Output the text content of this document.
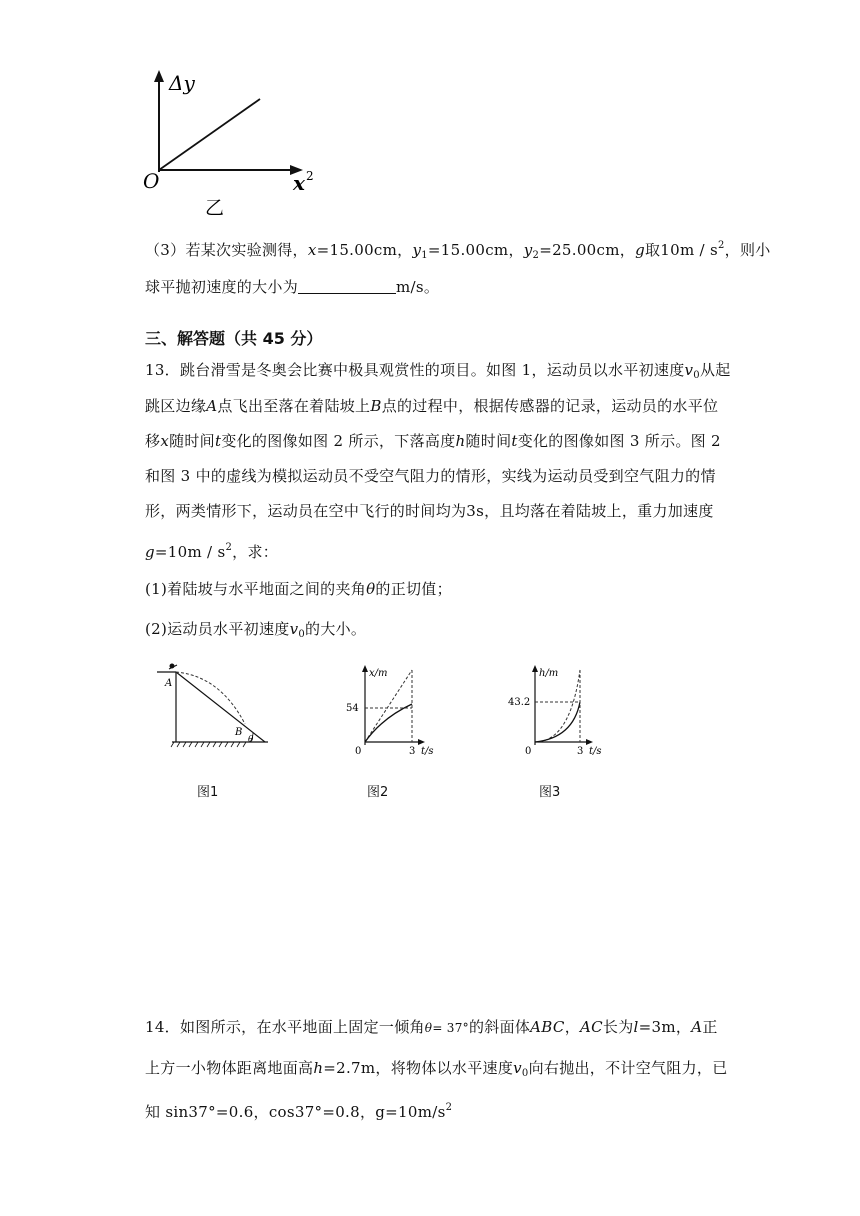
Δy
O	x 2
乙
（3）若某次实验测得，x=15.00cm，$y_1=15.00cm$，$y_2=25.00cm$，g取$10m / s^2$，则小
球平抛初速度的大小为	m/s。
三、解答题（共 45 分）
13．跳台滑雪是冬奥会比赛中极具观赏性的项目。如图 1，运动员以水平初速度$v_0$从起
跳区边缘A点飞出至落在着陆坡上B点的过程中，根据传感器的记录，运动员的水平位
移x随时间t变化的图像如图 2 所示，下落高度h随时间t变化的图像如图 3 所示。图 2
和图 3 中的虚线为模拟运动员不受空气阻力的情形，实线为运动员受到空气阻力的情
形，两类情形下，运动员在空中飞行的时间均为3s，且均落在着陆坡上，重力加速度
$g=10m / s^2$，求：
(1)着陆坡与水平地面之间的夹角θ的正切值；
(2)运动员水平初速度$v_0$的大小。
A
B
θ
图1
x/m
54
0	3 t/s
图2
h/m
43.2
0	3 t/s
图3
14．如图所示，在水平地面上固定一倾角θ= 37°的斜面体ABC，AC长为l=3m，A正
上方一小物体距离地面高h=2.7m，将物体以水平速度$v_0$向右抛出，不计空气阻力，已
知 sin37°=0.6，cos37°=0.8，$g=10m/s^2$
